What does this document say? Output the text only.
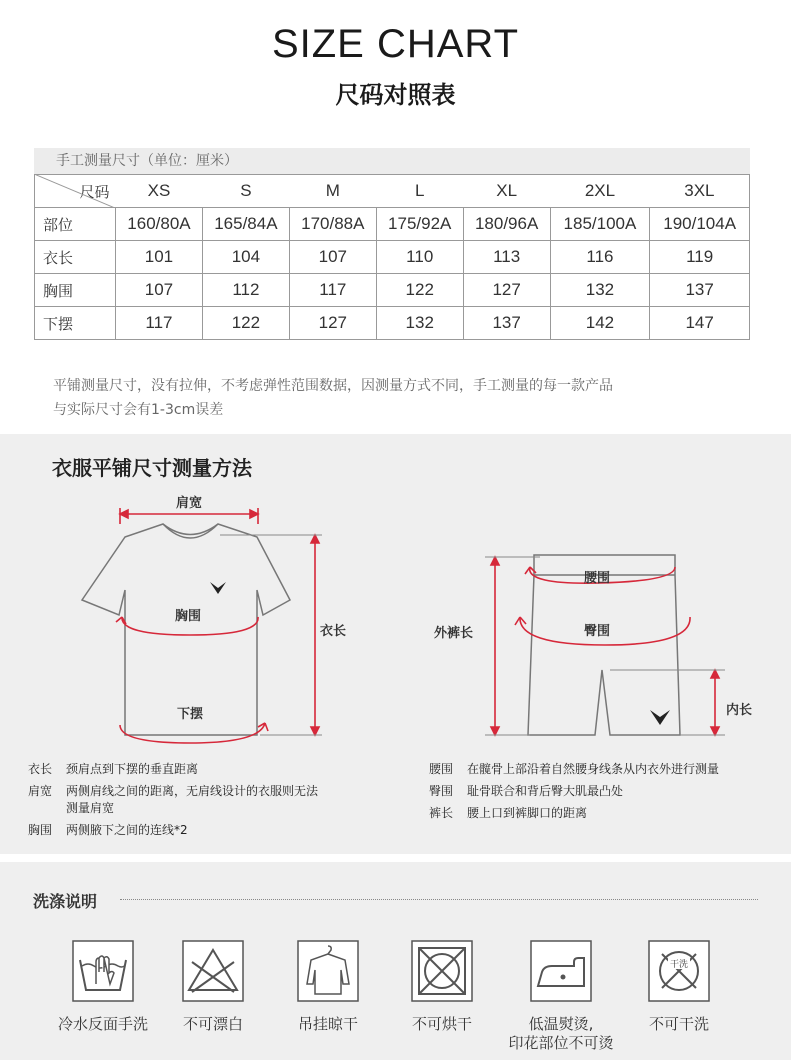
SIZE CHART
尺码对照表
手工测量尺寸（单位：厘米）
尺码	XS	S	M	L	XL	2XL	3XL
部位	160/80A	165/84A	170/88A	175/92A	180/96A	185/100A	190/104A
衣长	101	104	107	110	113	116	119
胸围	107	112	117	122	127	132	137
下摆	117	122	127	132	137	142	147
平铺测量尺寸，没有拉伸，不考虑弹性范围数据，因测量方式不同，手工测量的每一款产品
与实际尺寸会有1-3cm误差
衣服平铺尺寸测量方法
肩宽
胸围
衣长
下摆
腰围
臀围
外裤长
内长
衣长 颈肩点到下摆的垂直距离
肩宽 两侧肩线之间的距离，无肩线设计的衣服则无法
测量肩宽
胸围 两侧腋下之间的连线*2
腰围 在髋骨上部沿着自然腰身线条从内衣外进行测量
臀围 耻骨联合和背后臀大肌最凸处
裤长 腰上口到裤脚口的距离
洗涤说明
干洗
冷水反面手洗	不可漂白	吊挂晾干	不可烘干	低温熨烫,
印花部位不可烫
不可干洗
